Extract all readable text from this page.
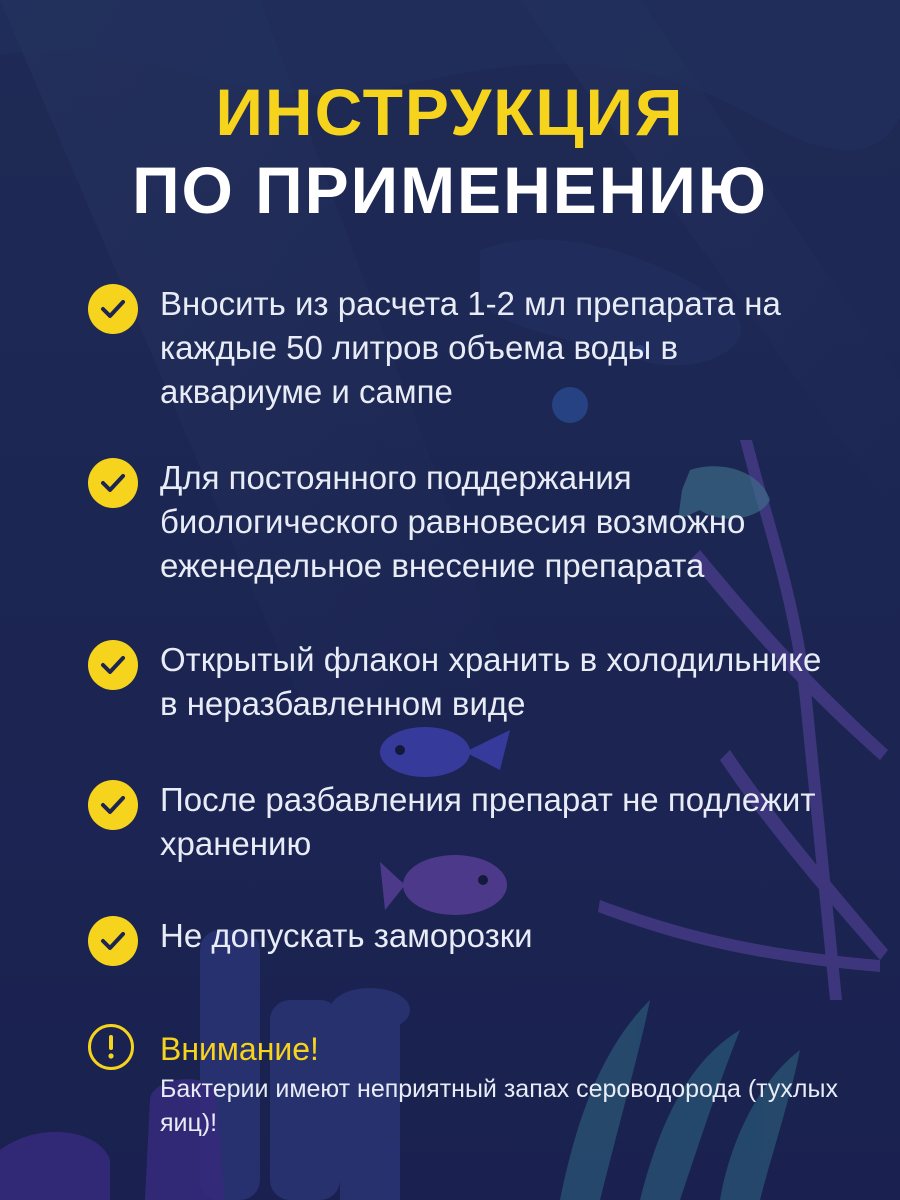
ИНСТРУКЦИЯ
ПО ПРИМЕНЕНИЮ
Вносить из расчета 1-2 мл препарата на каждые 50 литров объема воды в аквариуме и сампе
Для постоянного поддержания биологического равновесия возможно еженедельное внесение препарата
Открытый флакон хранить в холодильнике в неразбавленном виде
После разбавления препарат не подлежит хранению
Не допускать заморозки
Внимание!
Бактерии имеют неприятный запах сероводорода (тухлых яиц)!
